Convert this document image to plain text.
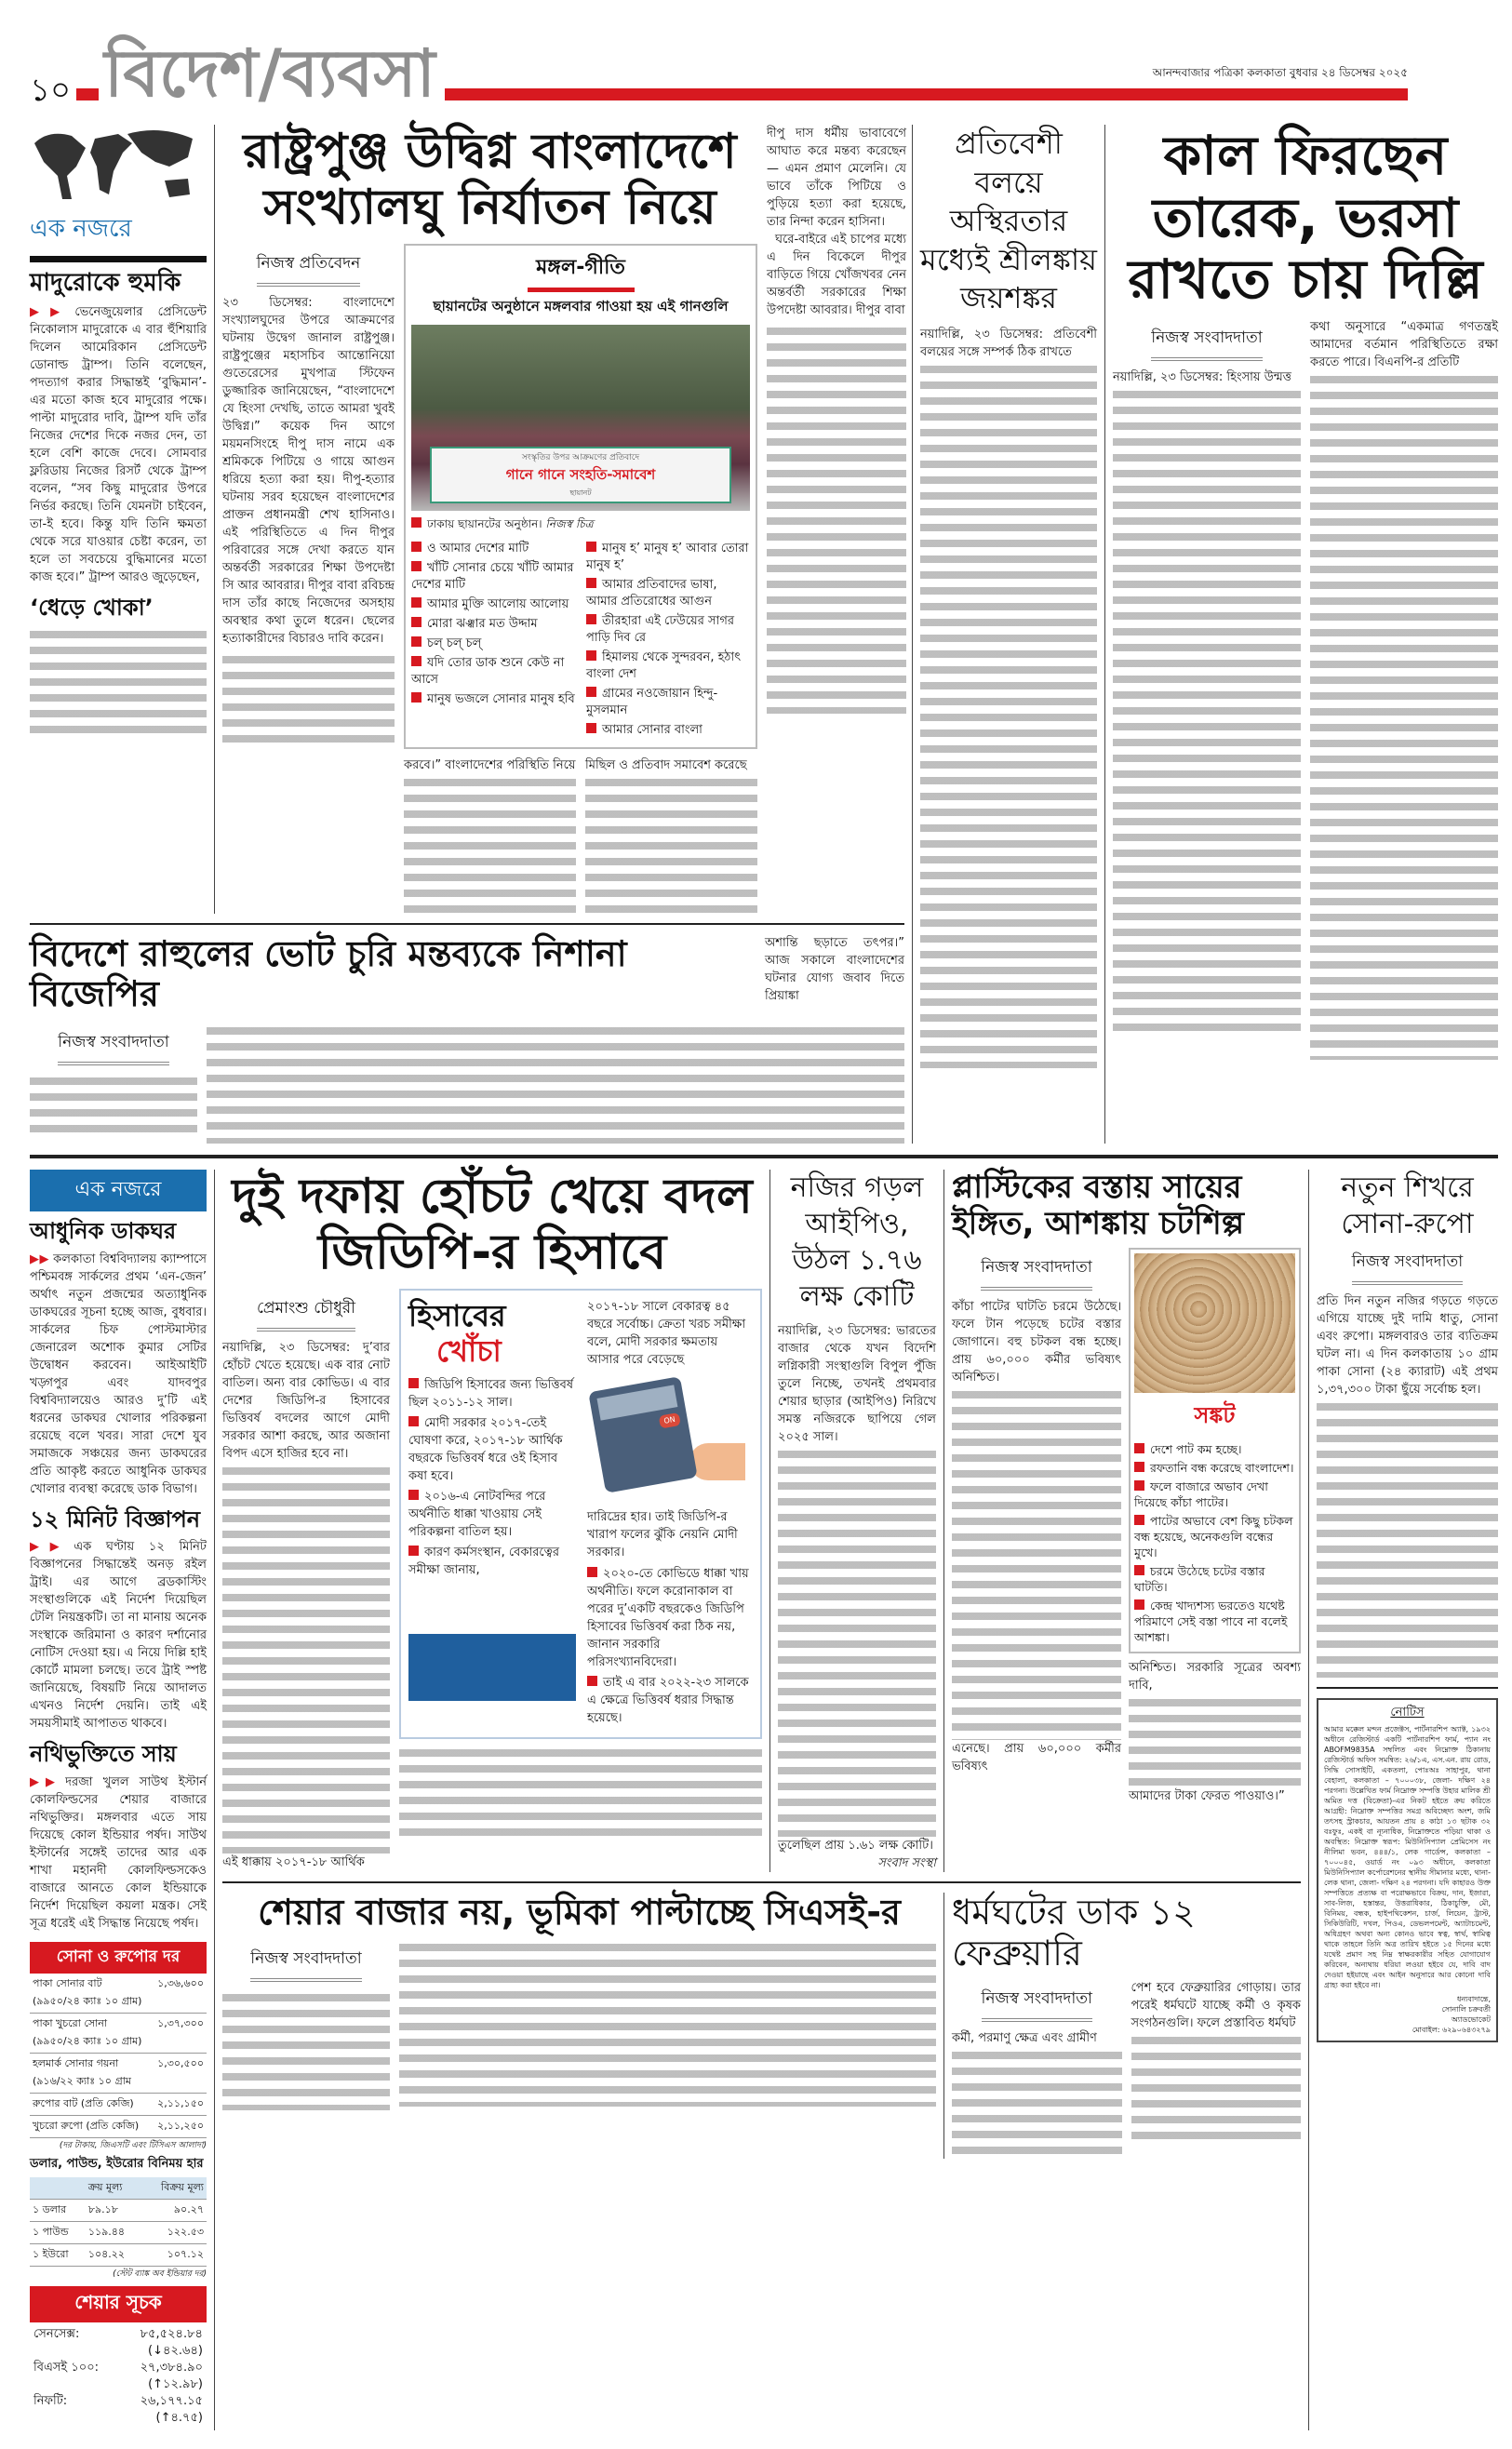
আনন্দবাজার পত্রিকা কলকাতা বুধবার ২৪ ডিসেম্বর ২০২৫
১০ বিদেশ/ব্যবসা
এক নজরে
মাদুরোকে হুমকি
▶▶ ভেনেজুয়েলার প্রেসিডেন্ট নিকোলাস মাদুরোকে এ বার হুঁশিয়ারি দিলেন আমেরিকান প্রেসিডেন্ট ডোনাল্ড ট্রাম্প। তিনি বলেছেন, পদত্যাগ করার সিদ্ধান্তই ‘বুদ্ধিমান’-এর মতো কাজ হবে মাদুরোর পক্ষে। পাল্টা মাদুরোর দাবি, ট্রাম্প যদি তাঁর নিজের দেশের দিকে নজর দেন, তা হলে বেশি কাজে দেবে। সোমবার ফ্লরিডায় নিজের রিসর্ট থেকে ট্রাম্প বলেন, “সব কিছু মাদুরোর উপরে নির্ভর করছে। তিনি যেমনটা চাইবেন, তা-ই হবে। কিন্তু যদি তিনি ক্ষমতা থেকে সরে যাওয়ার চেষ্টা করেন, তা হলে তা সবচেয়ে বুদ্ধিমানের মতো কাজ হবে।” ট্রাম্প আরও জুড়েছেন,
‘ধেড়ে খোকা’
রাষ্ট্রপুঞ্জ উদ্বিগ্ন বাংলাদেশে সংখ্যালঘু নির্যাতন নিয়ে
নিজস্ব প্রতিবেদন
২৩ ডিসেম্বর: বাংলাদেশে সংখ্যালঘুদের উপরে আক্রমণের ঘটনায় উদ্বেগ জানাল রাষ্ট্রপুঞ্জ। রাষ্ট্রপুঞ্জের মহাসচিব আন্তোনিয়ো গুতেরেসের মুখপাত্র স্টিফেন ডুজ্জারিক জানিয়েছেন, “বাংলাদেশে যে হিংসা দেখছি, তাতে আমরা খুবই উদ্বিগ্ন।” কয়েক দিন আগে ময়মনসিংহে দীপু দাস নামে এক শ্রমিককে পিটিয়ে ও গায়ে আগুন ধরিয়ে হত্যা করা হয়। দীপু-হত্যার ঘটনায় সরব হয়েছেন বাংলাদেশের প্রাক্তন প্রধানমন্ত্রী শেখ হাসিনাও। এই পরিস্থিতিতে এ দিন দীপুর পরিবারের সঙ্গে দেখা করতে যান অন্তর্বর্তী সরকারের শিক্ষা উপদেষ্টা সি আর আবরার। দীপুর বাবা রবিচন্দ্র দাস তাঁর কাছে নিজেদের অসহায় অবস্থার কথা তুলে ধরেন। ছেলের হত্যাকারীদের বিচারও দাবি করেন।
মঙ্গল-গীতি
ছায়ানটের অনুষ্ঠানে মঙ্গলবার গাওয়া হয় এই গানগুলি
সংস্কৃতির উপর আক্রমণের প্রতিবাদে
গানে গানে সংহতি-সমাবেশ
ছায়ানট
ঢাকায় ছায়ানটের অনুষ্ঠান। নিজস্ব চিত্র
ও আমার দেশের মাটি
খাঁটি সোনার চেয়ে খাঁটি আমার দেশের মাটি
আমার মুক্তি আলোয় আলোয়
মোরা ঝঞ্ঝার মত উদ্দাম
চল্ চল্ চল্
যদি তোর ডাক শুনে কেউ না আসে
মানুষ ভজলে সোনার মানুষ হবি
মানুষ হ’ মানুষ হ’ আবার তোরা মানুষ হ’
আমার প্রতিবাদের ভাষা, আমার প্রতিরোধের আগুন
তীরহারা এই ঢেউয়ের সাগর পাড়ি দিব রে
হিমালয় থেকে সুন্দরবন, হঠাৎ বাংলা দেশ
গ্রামের নওজোয়ান হিন্দু-মুসলমান
আমার সোনার বাংলা
করবে।” বাংলাদেশের পরিস্থিতি নিয়ে মিছিল ও প্রতিবাদ সমাবেশ করেছে
দীপু দাস ধর্মীয় ভাবাবেগে আঘাত করে মন্তব্য করেছেন— এমন প্রমাণ মেলেনি। যে ভাবে তাঁকে পিটিয়ে ও পুড়িয়ে হত্যা করা হয়েছে, তার নিন্দা করেন হাসিনা।
ঘরে-বাইরে এই চাপের মধ্যে এ দিন বিকেলে দীপুর বাড়িতে গিয়ে খোঁজখবর নেন অন্তর্বর্তী সরকারের শিক্ষা উপদেষ্টা আবরার। দীপুর বাবা
বিদেশে রাহুলের ভোট চুরি মন্তব্যকে নিশানা বিজেপির
অশান্তি ছড়াতে তৎপর।” আজ সকালে বাংলাদেশের ঘটনার যোগ্য জবাব দিতে প্রিয়াঙ্কা
নিজস্ব সংবাদদাতা
প্রতিবেশী বলয়ে অস্থিরতার মধ্যেই শ্রীলঙ্কায় জয়শঙ্কর
নয়াদিল্লি, ২৩ ডিসেম্বর: প্রতিবেশী বলয়ের সঙ্গে সম্পর্ক ঠিক রাখতে
কাল ফিরছেন তারেক, ভরসা রাখতে চায় দিল্লি
নিজস্ব সংবাদদাতা
নয়াদিল্লি, ২৩ ডিসেম্বর: হিংসায় উন্মত্ত
কথা অনুসারে “একমাত্র গণতন্ত্রই আমাদের বর্তমান পরিস্থিতিতে রক্ষা করতে পারে। বিএনপি-র প্রতিটি
এক নজরে
আধুনিক ডাকঘর
▶▶ কলকাতা বিশ্ববিদ্যালয় ক্যাম্পাসে পশ্চিমবঙ্গ সার্কলের প্রথম ‘এন-জেন’ অর্থাৎ নতুন প্রজন্মের অত্যাধুনিক ডাকঘরের সূচনা হচ্ছে আজ, বুধবার। সার্কলের চিফ পোস্টমাস্টার জেনারেল অশোক কুমার সেটির উদ্বোধন করবেন। আইআইটি খড়্গপুর এবং যাদবপুর বিশ্ববিদ্যালয়েও আরও দু’টি এই ধরনের ডাকঘর খোলার পরিকল্পনা রয়েছে বলে খবর। সারা দেশে যুব সমাজকে সঞ্চয়ের জন্য ডাকঘরের প্রতি আকৃষ্ট করতে আধুনিক ডাকঘর খোলার ব্যবস্থা করেছে ডাক বিভাগ।
১২ মিনিট বিজ্ঞাপন
▶▶ এক ঘণ্টায় ১২ মিনিট বিজ্ঞাপনের সিদ্ধান্তেই অনড় রইল ট্রাই। এর আগে ব্রডকাস্টিং সংস্থাগুলিকে এই নির্দেশ দিয়েছিল টেলি নিয়ন্ত্রকটি। তা না মানায় অনেক সংস্থাকে জরিমানা ও কারণ দর্শানোর নোটিস দেওয়া হয়। এ নিয়ে দিল্লি হাই কোর্টে মামলা চলছে। তবে ট্রাই স্পষ্ট জানিয়েছে, বিষয়টি নিয়ে আদালত এখনও নির্দেশ দেয়নি। তাই এই সময়সীমাই আপাতত থাকবে।
নথিভুক্তিতে সায়
▶▶ দরজা খুলল সাউথ ইস্টার্ন কোলফিল্ডসের শেয়ার বাজারে নথিভুক্তির। মঙ্গলবার এতে সায় দিয়েছে কোল ইন্ডিয়ার পর্ষদ। সাউথ ইস্টার্নের সঙ্গেই তাদের আর এক শাখা মহানদী কোলফিল্ডসকেও বাজারে আনতে কোল ইন্ডিয়াকে নির্দেশ দিয়েছিল কয়লা মন্ত্রক। সেই সূত্র ধরেই এই সিদ্ধান্ত নিয়েছে পর্ষদ।
সোনা ও রুপোর দর
পাকা সোনার বাট (৯৯৫০/২৪ ক্যাঃ ১০ গ্রাম)	১,৩৬,৬০০
পাকা খুচরো সোনা (৯৯৫০/২৪ ক্যাঃ ১০ গ্রাম)	১,৩৭,৩০০
হলমার্ক সোনার গয়না (৯১৬/২২ ক্যাঃ ১০ গ্রাম	১,৩০,৫০০
রুপোর বাট (প্রতি কেজি)	২,১১,১৫০
খুচরো রুপো (প্রতি কেজি)	২,১১,২৫০
(দর টাকায়, জিএসটি এবং টিসিএস আলাদা)
ডলার, পাউন্ড, ইউরোর বিনিময় হার
	ক্রয় মূল্য	বিক্রয় মূল্য
১ ডলার	৮৯.১৮	৯০.২৭
১ পাউন্ড	১১৯.৪৪	১২২.৫৩
১ ইউরো	১০৪.২২	১০৭.১২
(স্টেট ব্যাঙ্ক অব ইন্ডিয়ার দর)
শেয়ার সূচক
সেনসেক্স:	৮৫,৫২৪.৮৪
(↓৪২.৬৪)
বিএসই ১০০:	২৭,৩৮৪.৯০
(↑১২.৯৮)
নিফটি:	২৬,১৭৭.১৫
(↑৪.৭৫)
দুই দফায় হোঁচট খেয়ে বদল জিডিপি-র হিসাবে
প্রেমাংশু চৌধুরী
নয়াদিল্লি, ২৩ ডিসেম্বর: দু’বার হোঁচট খেতে হয়েছে। এক বার নোট বাতিল। অন্য বার কোভিড। এ বার দেশের জিডিপি-র হিসাবের ভিত্তিবর্ষ বদলের আগে মোদী সরকার আশা করছে, আর অজানা বিপদ এসে হাজির হবে না।
এই ধাক্কায় ২০১৭-১৮ আর্থিক
হিসাবের
খোঁচা
জিডিপি হিসাবের জন্য ভিত্তিবর্ষ ছিল ২০১১-১২ সাল।
মোদী সরকার ২০১৭-তেই ঘোষণা করে, ২০১৭-১৮ আর্থিক বছরকে ভিত্তিবর্ষ ধরে ওই হিসাব কষা হবে।
২০১৬-এ নোটবন্দির পরে অর্থনীতি ধাক্কা খাওয়ায় সেই পরিকল্পনা বাতিল হয়।
কারণ কর্মসংস্থান, বেকারত্বের সমীক্ষা জানায়,
২০১৭-১৮ সালে বেকারত্ব ৪৫ বছরে সর্বোচ্চ। ক্রেতা খরচ সমীক্ষা বলে, মোদী সরকার ক্ষমতায় আসার পরে বেড়েছে
ON
দারিদ্রের হার। তাই জিডিপি-র খারাপ ফলের ঝুঁকি নেয়নি মোদী সরকার।
২০২০-তে কোভিডে ধাক্কা খায় অর্থনীতি। ফলে করোনাকাল বা পরের দু’একটি বছরকেও জিডিপি হিসাবের ভিত্তিবর্ষ করা ঠিক নয়, জানান সরকারি পরিসংখ্যানবিদেরা।
তাই এ বার ২০২২-২৩ সালকে এ ক্ষেত্রে ভিত্তিবর্ষ ধরার সিদ্ধান্ত হয়েছে।
নজির গড়ল আইপিও, উঠল ১.৭৬ লক্ষ কোটি
নয়াদিল্লি, ২৩ ডিসেম্বর: ভারতের বাজার থেকে যখন বিদেশি লগ্নিকারী সংস্থাগুলি বিপুল পুঁজি তুলে নিচ্ছে, তখনই প্রথমবার শেয়ার ছাড়ার (আইপিও) নিরিখে সমস্ত নজিরকে ছাপিয়ে গেল ২০২৫ সাল।
তুলেছিল প্রায় ১.৬১ লক্ষ কোটি।
সংবাদ সংস্থা
প্লাস্টিকের বস্তায় সায়ের ইঙ্গিত, আশঙ্কায় চটশিল্প
নিজস্ব সংবাদদাতা
কাঁচা পাটের ঘাটতি চরমে উঠেছে। ফলে টান পড়েছে চটের বস্তার জোগানে। বহু চটকল বন্ধ হচ্ছে। প্রায় ৬০,০০০ কর্মীর ভবিষ্যৎ অনিশ্চিত।
এনেছে। প্রায় ৬০,০০০ কর্মীর ভবিষ্যৎ
সঙ্কট
দেশে পাট কম হচ্ছে।
রফতানি বন্ধ করেছে বাংলাদেশ।
ফলে বাজারে অভাব দেখা দিয়েছে কাঁচা পাটের।
পাটের অভাবে বেশ কিছু চটকল বন্ধ হয়েছে, অনেকগুলি বন্ধের মুখে।
চরমে উঠেছে চটের বস্তার ঘাটতি।
কেন্দ্র খাদ্যশস্য ভরতেও যথেষ্ট পরিমাণে সেই বস্তা পাবে না বলেই আশঙ্কা।
অনিশ্চিত। সরকারি সূত্রের অবশ্য দাবি,
আমাদের টাকা ফেরত পাওয়াও।”
শেয়ার বাজার নয়, ভূমিকা পাল্টাচ্ছে সিএসই-র
নিজস্ব সংবাদদাতা
ধর্মঘটের ডাক ১২ ফেব্রুয়ারি
নিজস্ব সংবাদদাতা
কর্মী, পরমাণু ক্ষেত্র এবং গ্রামীণ
পেশ হবে ফেব্রুয়ারির গোড়ায়। তার পরেই ধর্মঘটে যাচ্ছে কর্মী ও কৃষক সংগঠনগুলি। ফলে প্রস্তাবিত ধর্মঘট
নতুন শিখরে সোনা-রুপো
নিজস্ব সংবাদদাতা
প্রতি দিন নতুন নজির গড়তে গড়তে এগিয়ে যাচ্ছে দুই দামি ধাতু, সোনা এবং রুপো। মঙ্গলবারও তার ব্যতিক্রম ঘটল না। এ দিন কলকাতায় ১০ গ্রাম পাকা সোনা (২৪ ক্যারাট) এই প্রথম ১,৩৭,৩০০ টাকা ছুঁয়ে সর্বোচ্চ হল।
নোটিস
আমার মক্কেল মন্দন প্রজেক্টস, পার্টনারশিপ অ্যাক্ট, ১৯৩২ অধীনে রেজিস্টার্ড একটি পার্টনারশিপ ফার্ম, প্যান নং ABOFM9835A সম্বলিত এবং নিম্নোক্ত ঠিকানায় রেজিস্টার্ড অফিস সমন্বিত: ২৬/১এ, এস.এন. রায় রোড, সিদ্ধি সোসাইটি, একতলা, পোঃঅঃ সাহাপুর, থানা বেহালা, কলকাতা – ৭০০০৩৮, জেলা- দক্ষিণ ২৪ পরগনা। উল্লেখিত ফার্ম নিম্নোক্ত সম্পত্তি উহার মালিক শ্রী অমিত দত্ত (বিক্রেতা)-এর নিকট হইতে ক্রয় করিতে আগ্রহী: নিম্নোক্ত সম্পত্তির সমগ্র অবিচ্ছেদ্য অংশ, জমি তৎসহ স্ট্রাকচার, আয়তন প্রায় ৪ কাঠা ১৩ ছটাক ৩২ বঃফুঃ, একই বা ন্যূনাধিক, নিম্নোক্ততে পড়িয়া থাকা ও অবস্থিত: নিম্নোক্ত স্বরূপ: মিউনিসিপ্যাল প্রেমিসেস নং নীলিমা ভবন, ৪৪৪/১, লেক গার্ডেন্স, কলকাতা – ৭০০০৪৫, ওয়ার্ড নং ০৯৩ অধীনে, কলকাতা মিউনিসিপ্যাল কর্পোরেশনের স্থানীয় সীমানার মধ্যে, থানা- লেক থানা, জেলা- দক্ষিণ ২৪ পরগনা। যদি কাহারও উক্ত সম্পত্তিতে প্রত্যক্ষ বা পরোক্ষভাবে বিক্রয়, দান, ইজারা, সাব-লিজ, হস্তান্তর, উত্তরাধিকার, ঠিকাচুক্তি, মৌ, বিনিময়, বন্ধক, হাইপথিকেশন, চার্জ, লিয়েন, ট্রাস্ট, সিকিউরিটি, দখল, পিওএ, ডেভলপমেন্ট, অ্যাটাচমেন্ট, অধিগ্রহণ অথবা অন্য কোনও ভাবে স্বত্ব, স্বার্থ, স্বামিত্ব থাকে তাহলে তিনি অত্র তারিখ হইতে ১৫ দিনের মধ্যে যথেষ্ট প্রমাণ সহ নিম্ন স্বাক্ষরকারীর সহিত যোগাযোগ করিবেন, অন্যথায় ধরিয়া লওয়া হইবে যে, দাবি বাদ দেওয়া হইয়াছে এবং আইন অনুসারে আর কোনো দাবি গ্রাহ্য করা হইবে না।
ধন্যবাদান্তে,
সোনালি চক্রবর্তী
অ্যাডভোকেট
মোবাইল: ৬২৯০৬৪৩২৭৯
